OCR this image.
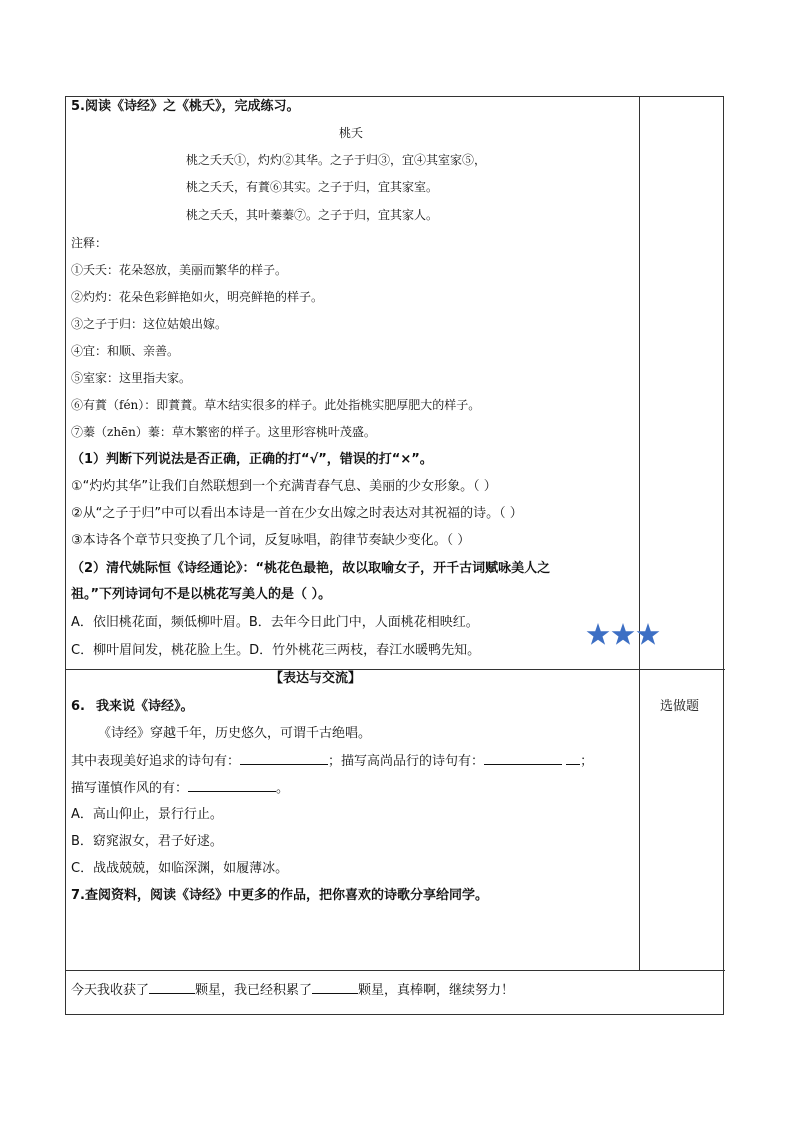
5.阅读《诗经》之《桃夭》，完成练习。
桃夭
桃之夭夭①，灼灼②其华。之子于归③，宜④其室家⑤，
桃之夭夭，有蕡⑥其实。之子于归，宜其家室。
桃之夭夭，其叶蓁蓁⑦。之子于归，宜其家人。
注释：
①夭夭：花朵怒放，美丽而繁华的样子。
②灼灼：花朵色彩鲜艳如火，明亮鲜艳的样子。
③之子于归：这位姑娘出嫁。
④宜：和顺、亲善。
⑤室家：这里指夫家。
⑥有蕡（fén）：即蕡蕡。草木结实很多的样子。此处指桃实肥厚肥大的样子。
⑦蓁（zhēn）蓁：草木繁密的样子。这里形容桃叶茂盛。
（1）判断下列说法是否正确，正确的打“√”，错误的打“×”。
①“灼灼其华”让我们自然联想到一个充满青春气息、美丽的少女形象。（ ）
②从“之子于归”中可以看出本诗是一首在少女出嫁之时表达对其祝福的诗。（ ）
③本诗各个章节只变换了几个词，反复咏唱，韵律节奏缺少变化。（ ）
（2）清代姚际恒《诗经通论》：“桃花色最艳，故以取喻女子，开千古词赋咏美人之
祖。”下列诗词句不是以桃花写美人的是（ ）。
A．依旧桃花面，频低柳叶眉。B．去年今日此门中，人面桃花相映红。
C．柳叶眉间发，桃花脸上生。D．竹外桃花三两枝，春江水暖鸭先知。
【表达与交流】
选做题
6. 我来说《诗经》。
《诗经》穿越千年，历史悠久，可谓千古绝唱。
其中表现美好追求的诗句有：	；描写高尚品行的诗句有：	；
描写谨慎作风的有：	。
A．高山仰止，景行行止。
B．窈窕淑女，君子好逑。
C．战战兢兢，如临深渊，如履薄冰。
7.查阅资料，阅读《诗经》中更多的作品，把你喜欢的诗歌分享给同学。
今天我收获了	颗星，我已经积累了	颗星，真棒啊，继续努力！
